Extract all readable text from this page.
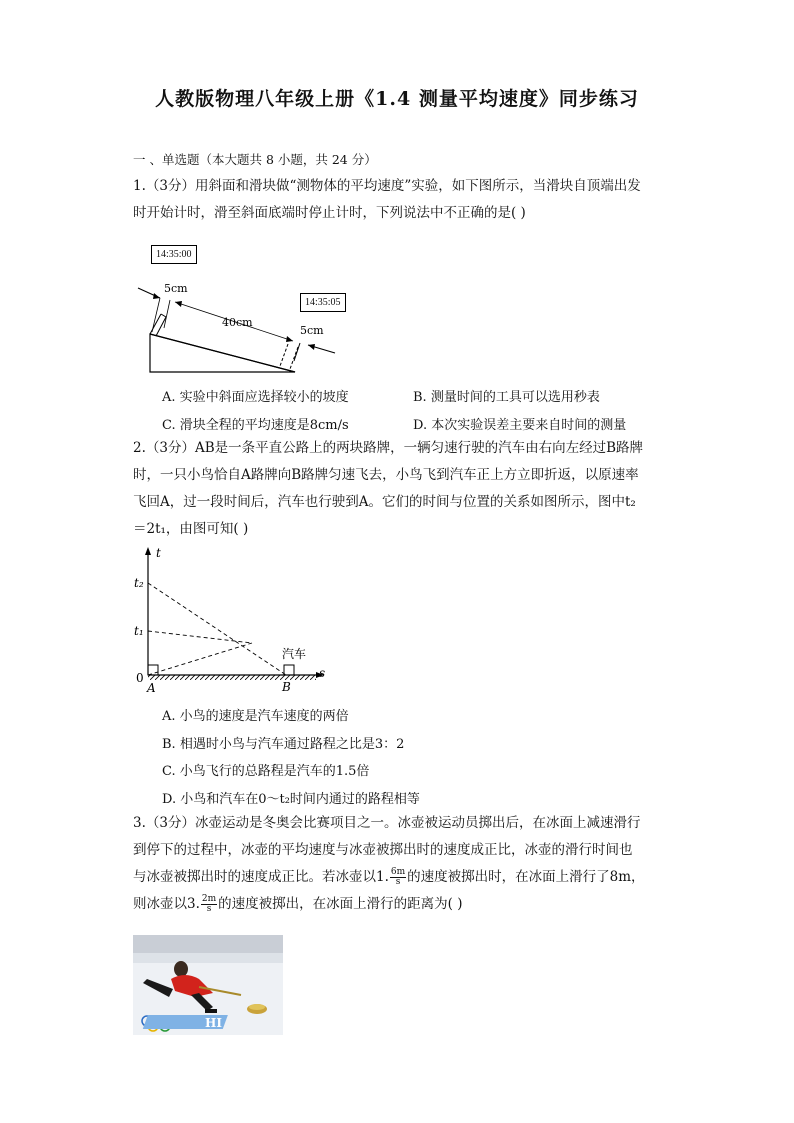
人教版物理八年级上册《1.4 测量平均速度》同步练习
一 、单选题（本大题共 8 小题，共 24 分）
1.（3分）用斜面和滑块做“测物体的平均速度”实验，如下图所示，当滑块自顶端出发
时开始计时，滑至斜面底端时停止计时，下列说法中不正确的是( )
5cm
40cm
5cm
14:35:00
14:35:05
A. 实验中斜面应选择较小的坡度	B. 测量时间的工具可以选用秒表
C. 滑块全程的平均速度是8cm/s	D. 本次实验误差主要来自时间的测量
2.（3分）AB是一条平直公路上的两块路牌，一辆匀速行驶的汽车由右向左经过B路牌
时，一只小鸟恰自A路牌向B路牌匀速飞去，小鸟飞到汽车正上方立即折返，以原速率
飞回A，过一段时间后，汽车也行驶到A。它们的时间与位置的关系如图所示，图中t₂
＝2t₁，由图可知( )
t
s
t₂
t₁
0
A	B
汽车
A. 小鸟的速度是汽车速度的两倍
B. 相遇时小鸟与汽车通过路程之比是3：2
C. 小鸟飞行的总路程是汽车的1.5倍
D. 小鸟和汽车在0～t₂时间内通过的路程相等
3.（3分）冰壶运动是冬奥会比赛项目之一。冰壶被运动员掷出后，在冰面上减速滑行
到停下的过程中，冰壶的平均速度与冰壶被掷出时的速度成正比，冰壶的滑行时间也
与冰壶被掷出时的速度成正比。若冰壶以1. $\frac{6m}{s}$ 的速度被掷出时，在冰面上滑行了8m，
则冰壶以3. $\frac{2m}{s}$ 的速度被掷出，在冰面上滑行的距离为( )
HI
